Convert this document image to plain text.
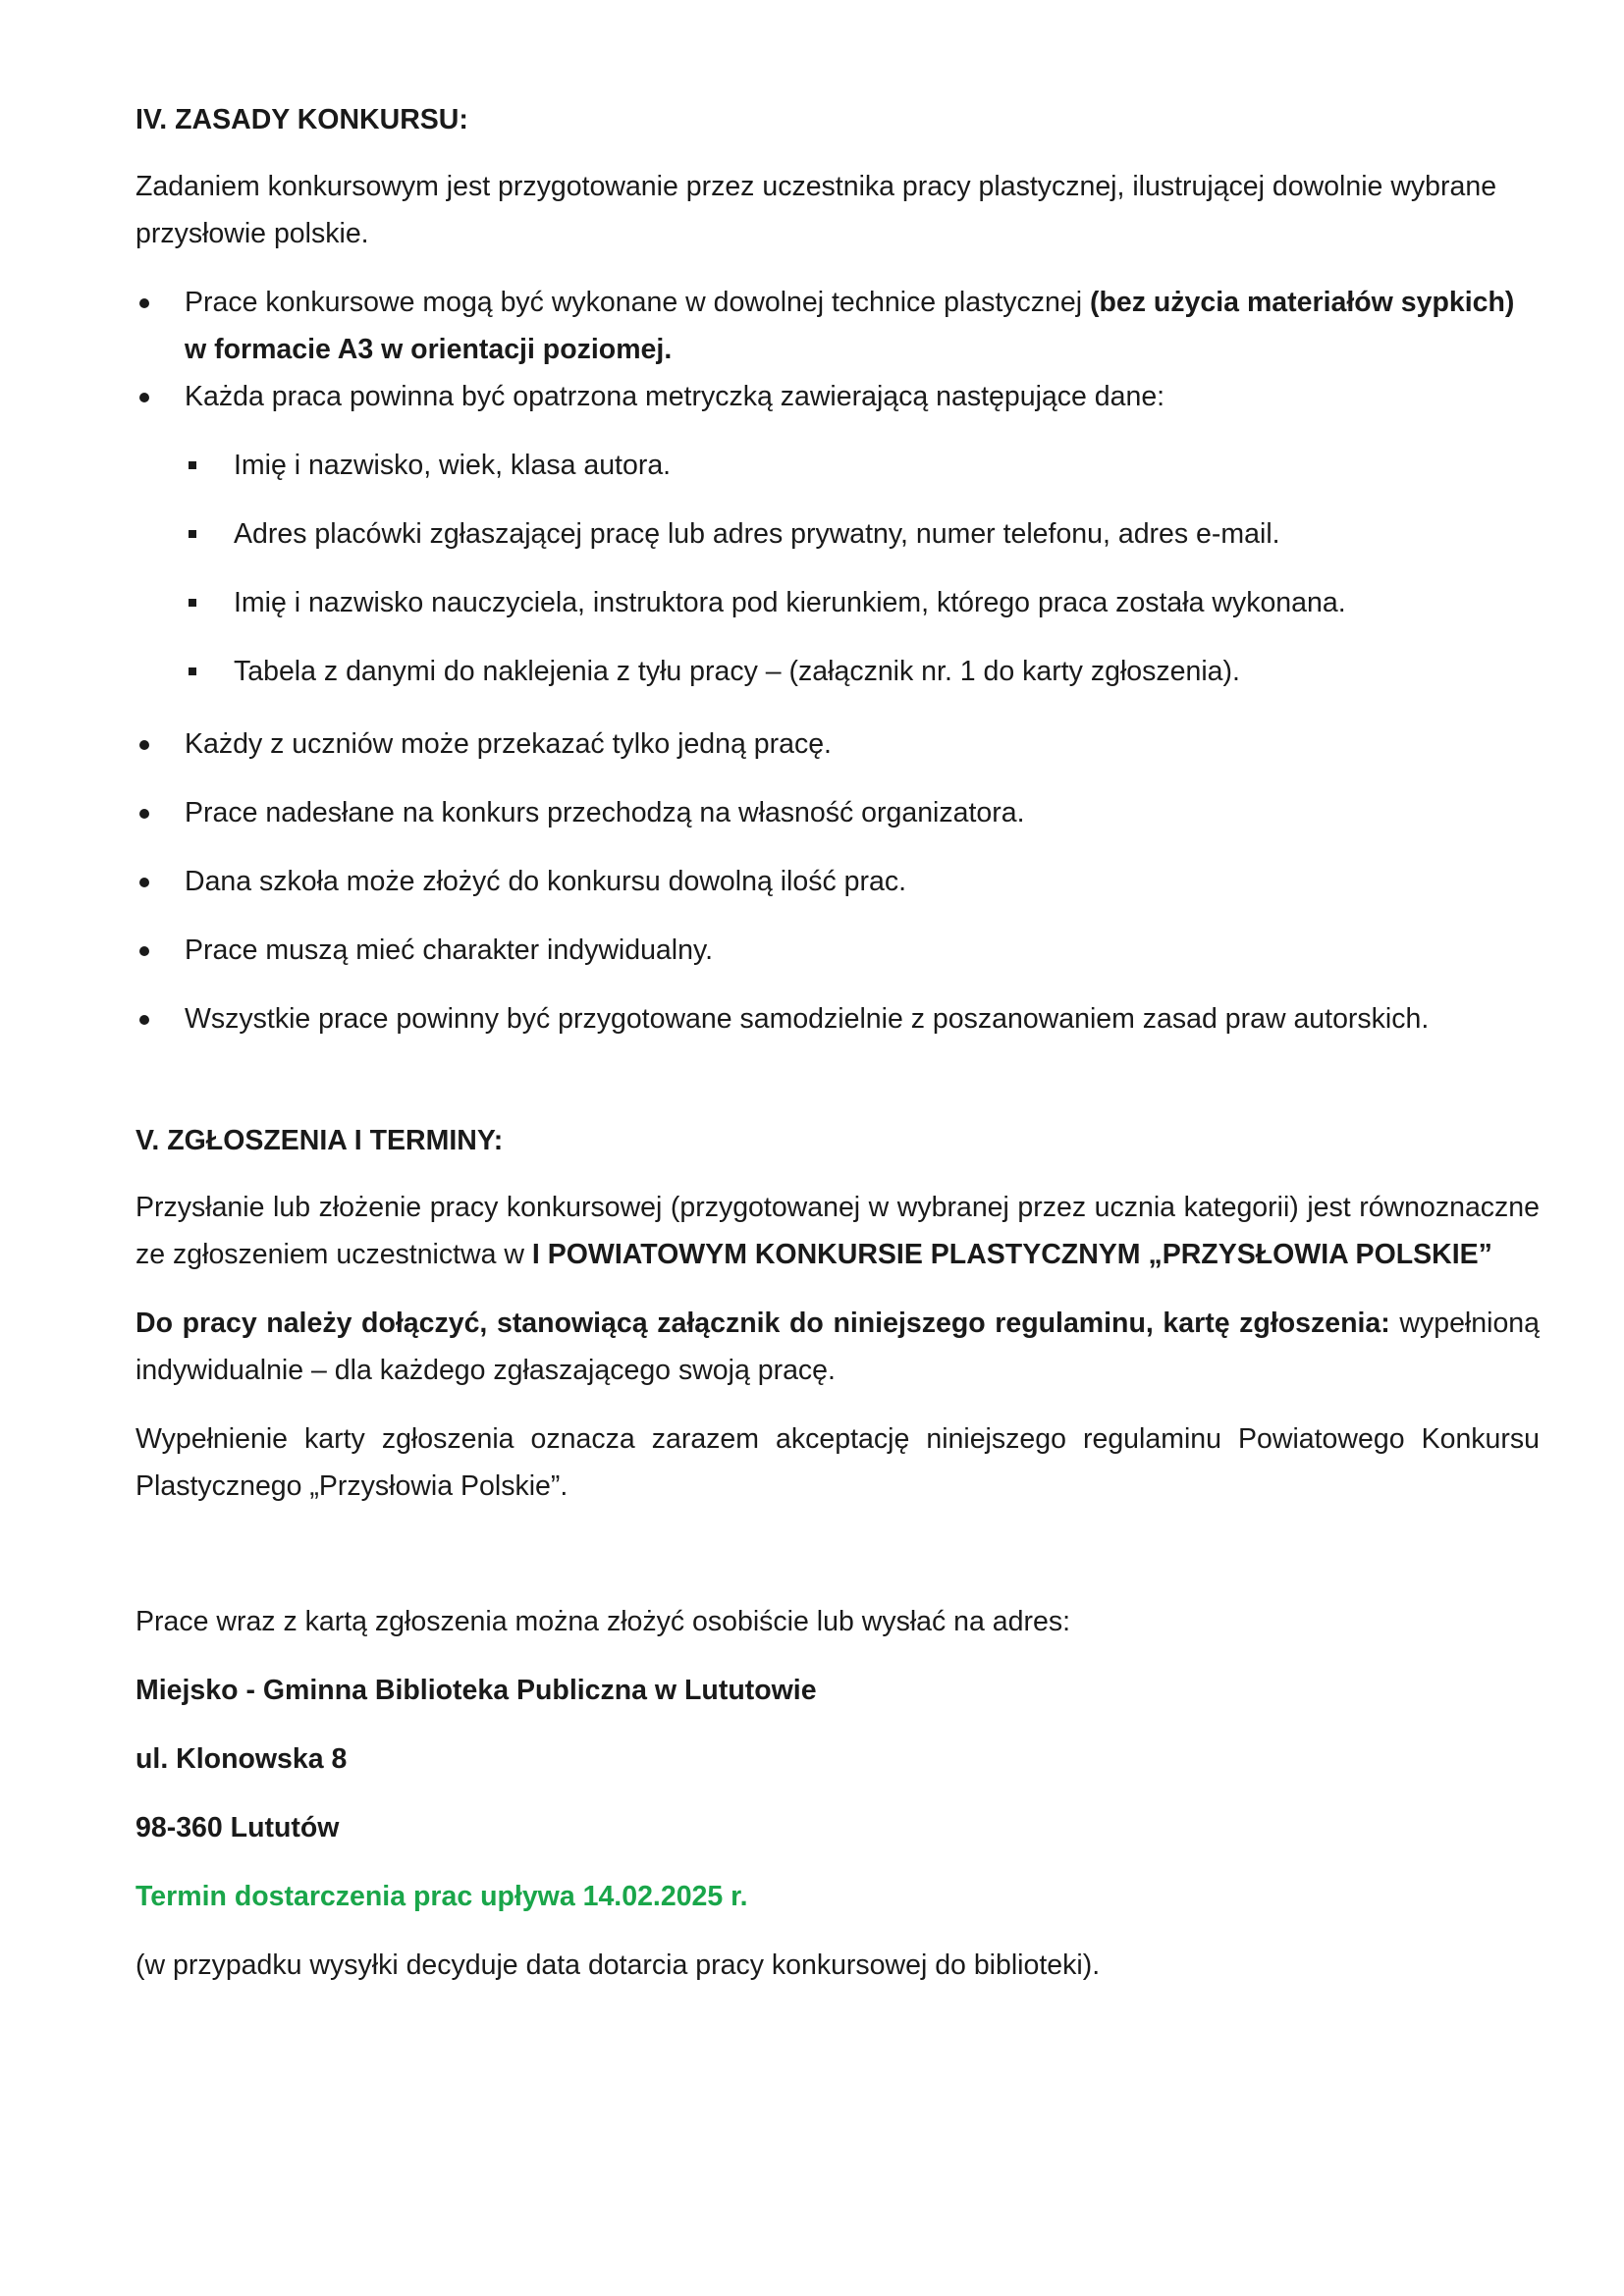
IV. ZASADY KONKURSU:

Zadaniem konkursowym jest przygotowanie przez uczestnika pracy plastycznej, ilustrującej dowolnie wybrane przysłowie polskie.

Prace konkursowe mogą być wykonane w dowolnej technice plastycznej (bez użycia materiałów sypkich) w formacie A3 w orientacji poziomej.
Każda praca powinna być opatrzona metryczką zawierającą następujące dane:
Imię i nazwisko, wiek, klasa autora.
Adres placówki zgłaszającej pracę lub adres prywatny, numer telefonu, adres e-mail.
Imię i nazwisko nauczyciela, instruktora pod kierunkiem, którego praca została wykonana.
Tabela z danymi do naklejenia z tyłu pracy – (załącznik nr. 1 do karty zgłoszenia).
Każdy z uczniów może przekazać tylko jedną pracę.
Prace nadesłane na konkurs przechodzą na własność organizatora.
Dana szkoła może złożyć do konkursu dowolną ilość prac.
Prace muszą mieć charakter indywidualny.
Wszystkie prace powinny być przygotowane samodzielnie z poszanowaniem zasad praw autorskich.

V. ZGŁOSZENIA I TERMINY:

Przysłanie lub złożenie pracy konkursowej (przygotowanej w wybranej przez ucznia kategorii) jest równoznaczne ze zgłoszeniem uczestnictwa w I POWIATOWYM KONKURSIE PLASTYCZNYM „PRZYSŁOWIA POLSKIE”

Do pracy należy dołączyć, stanowiącą załącznik do niniejszego regulaminu, kartę zgłoszenia: wypełnioną indywidualnie – dla każdego zgłaszającego swoją pracę.

Wypełnienie karty zgłoszenia oznacza zarazem akceptację niniejszego regulaminu Powiatowego Konkursu Plastycznego „Przysłowia Polskie”.

Prace wraz z kartą zgłoszenia można złożyć osobiście lub wysłać na adres:

Miejsko - Gminna Biblioteka Publiczna w Lututowie

ul. Klonowska 8

98-360 Lututów

Termin dostarczenia prac upływa 14.02.2025 r.

(w przypadku wysyłki decyduje data dotarcia pracy konkursowej do biblioteki).
